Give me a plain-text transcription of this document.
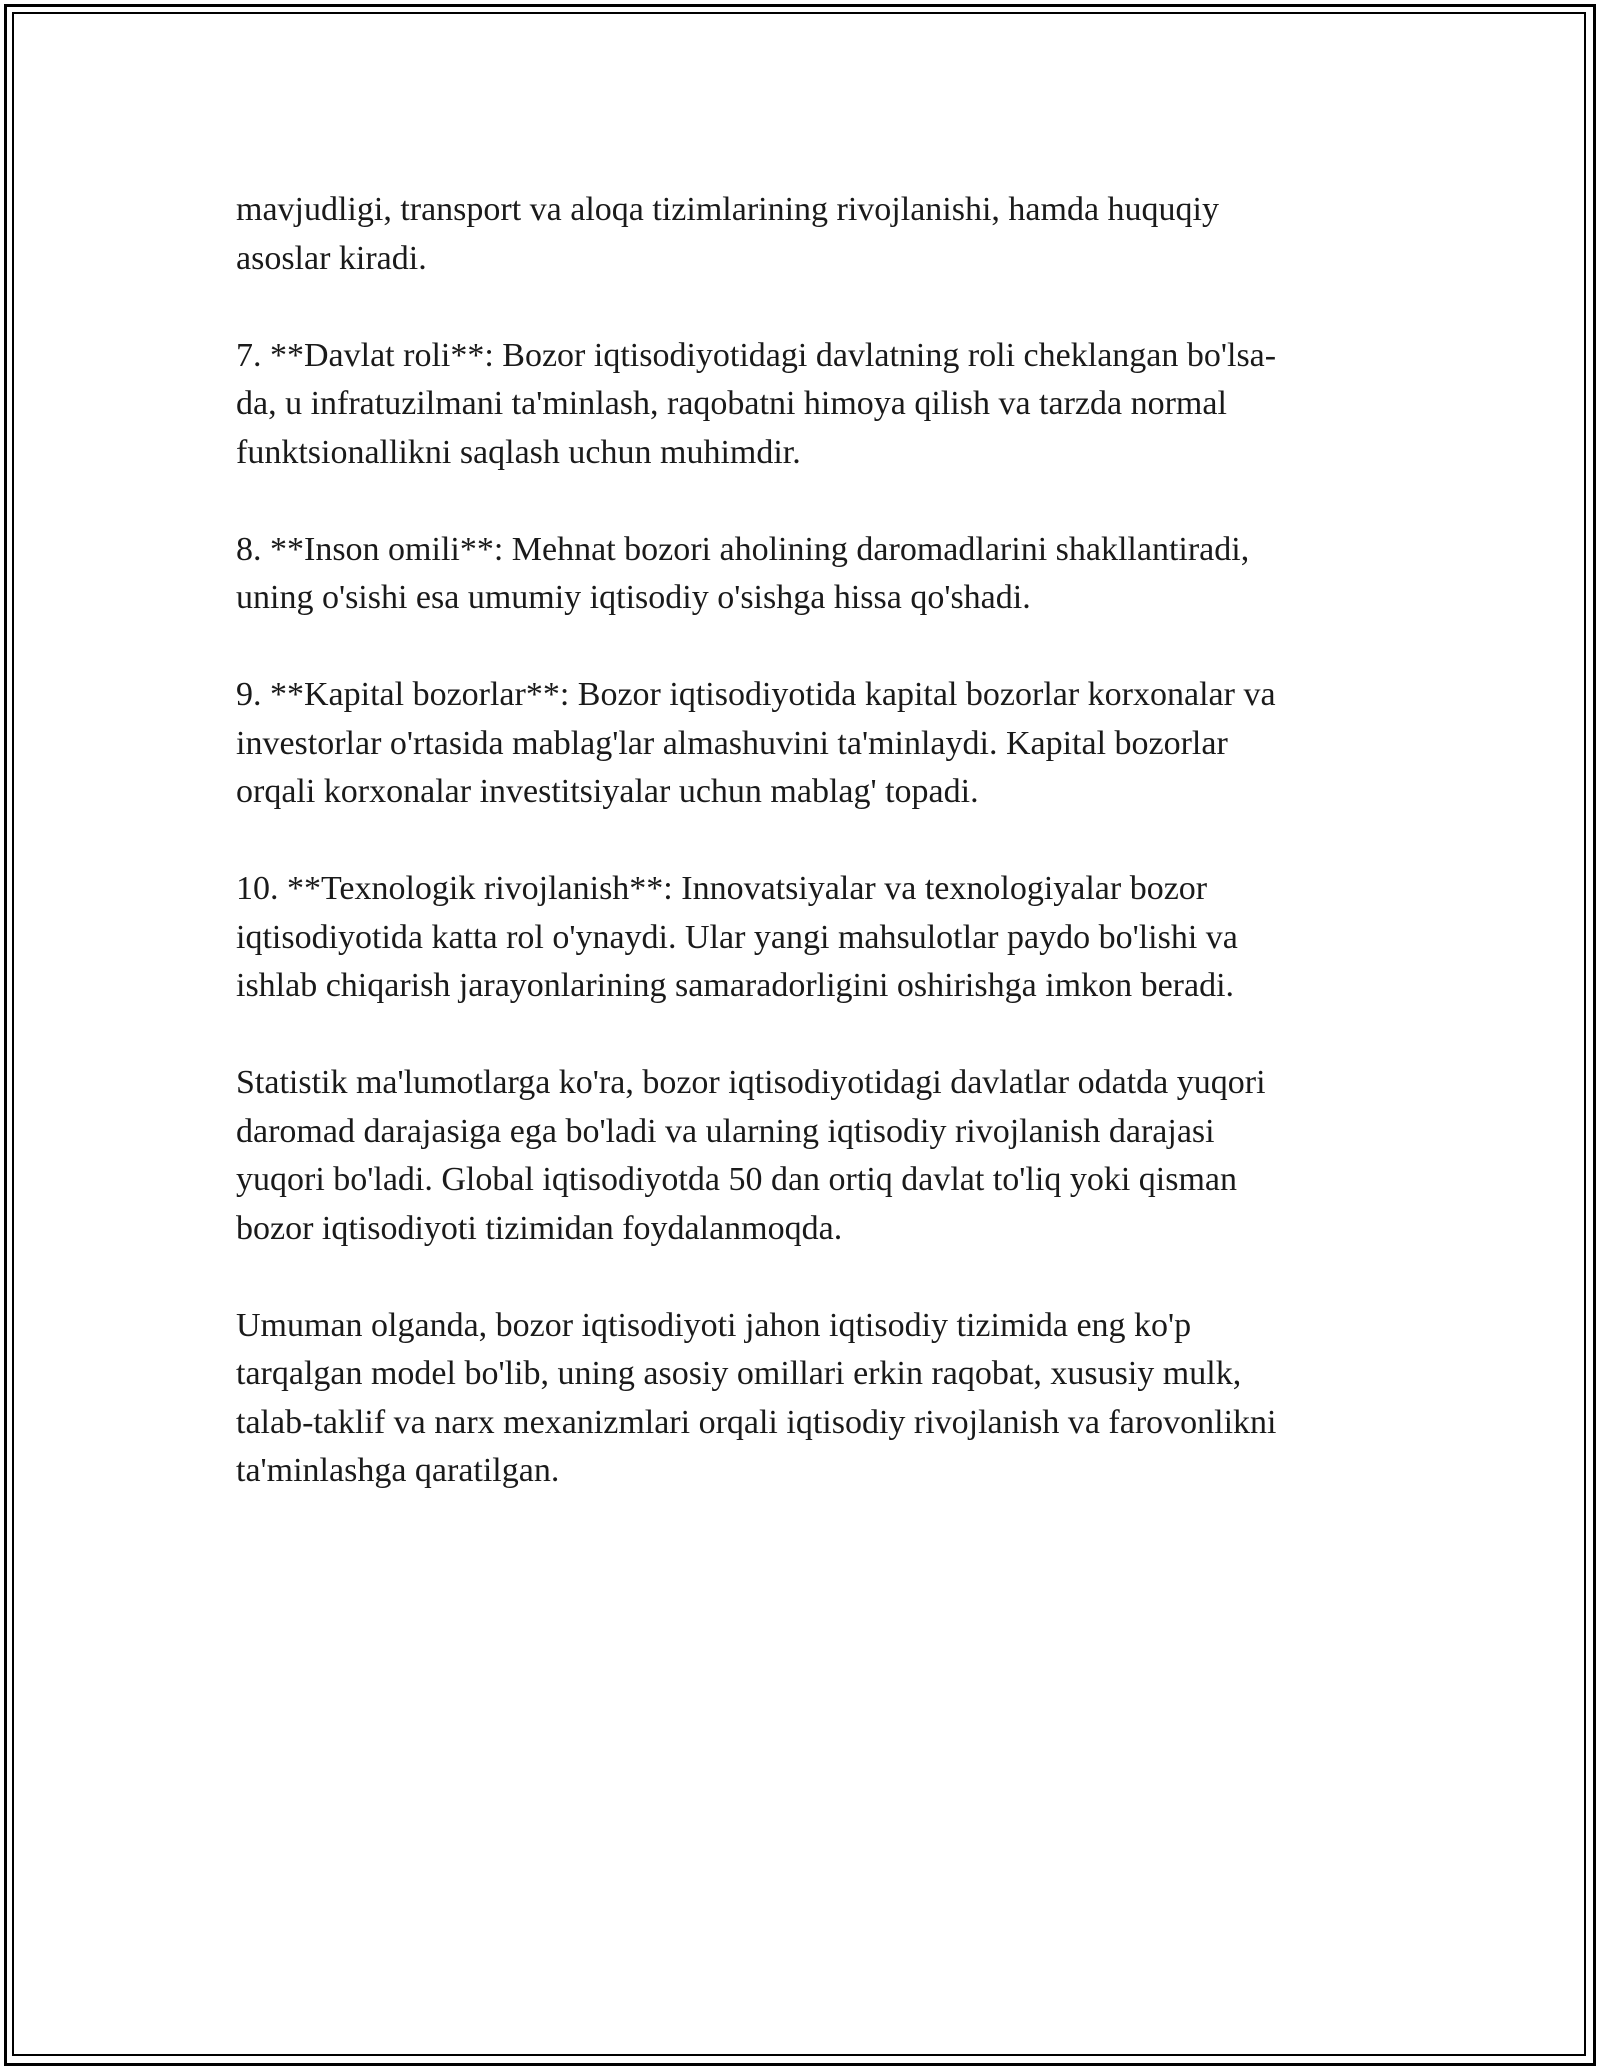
mavjudligi, transport va aloqa tizimlarining rivojlanishi, hamda huquqiy
asoslar kiradi.

7. **Davlat roli**: Bozor iqtisodiyotidagi davlatning roli cheklangan bo'lsa-
da, u infratuzilmani ta'minlash, raqobatni himoya qilish va tarzda normal
funktsionallikni saqlash uchun muhimdir.

8. **Inson omili**: Mehnat bozori aholining daromadlarini shakllantiradi,
uning o'sishi esa umumiy iqtisodiy o'sishga hissa qo'shadi.

9. **Kapital bozorlar**: Bozor iqtisodiyotida kapital bozorlar korxonalar va
investorlar o'rtasida mablag'lar almashuvini ta'minlaydi. Kapital bozorlar
orqali korxonalar investitsiyalar uchun mablag' topadi.

10. **Texnologik rivojlanish**: Innovatsiyalar va texnologiyalar bozor
iqtisodiyotida katta rol o'ynaydi. Ular yangi mahsulotlar paydo bo'lishi va
ishlab chiqarish jarayonlarining samaradorligini oshirishga imkon beradi.

Statistik ma'lumotlarga ko'ra, bozor iqtisodiyotidagi davlatlar odatda yuqori
daromad darajasiga ega bo'ladi va ularning iqtisodiy rivojlanish darajasi
yuqori bo'ladi. Global iqtisodiyotda 50 dan ortiq davlat to'liq yoki qisman
bozor iqtisodiyoti tizimidan foydalanmoqda.

Umuman olganda, bozor iqtisodiyoti jahon iqtisodiy tizimida eng ko'p
tarqalgan model bo'lib, uning asosiy omillari erkin raqobat, xususiy mulk,
talab-taklif va narx mexanizmlari orqali iqtisodiy rivojlanish va farovonlikni
ta'minlashga qaratilgan.
